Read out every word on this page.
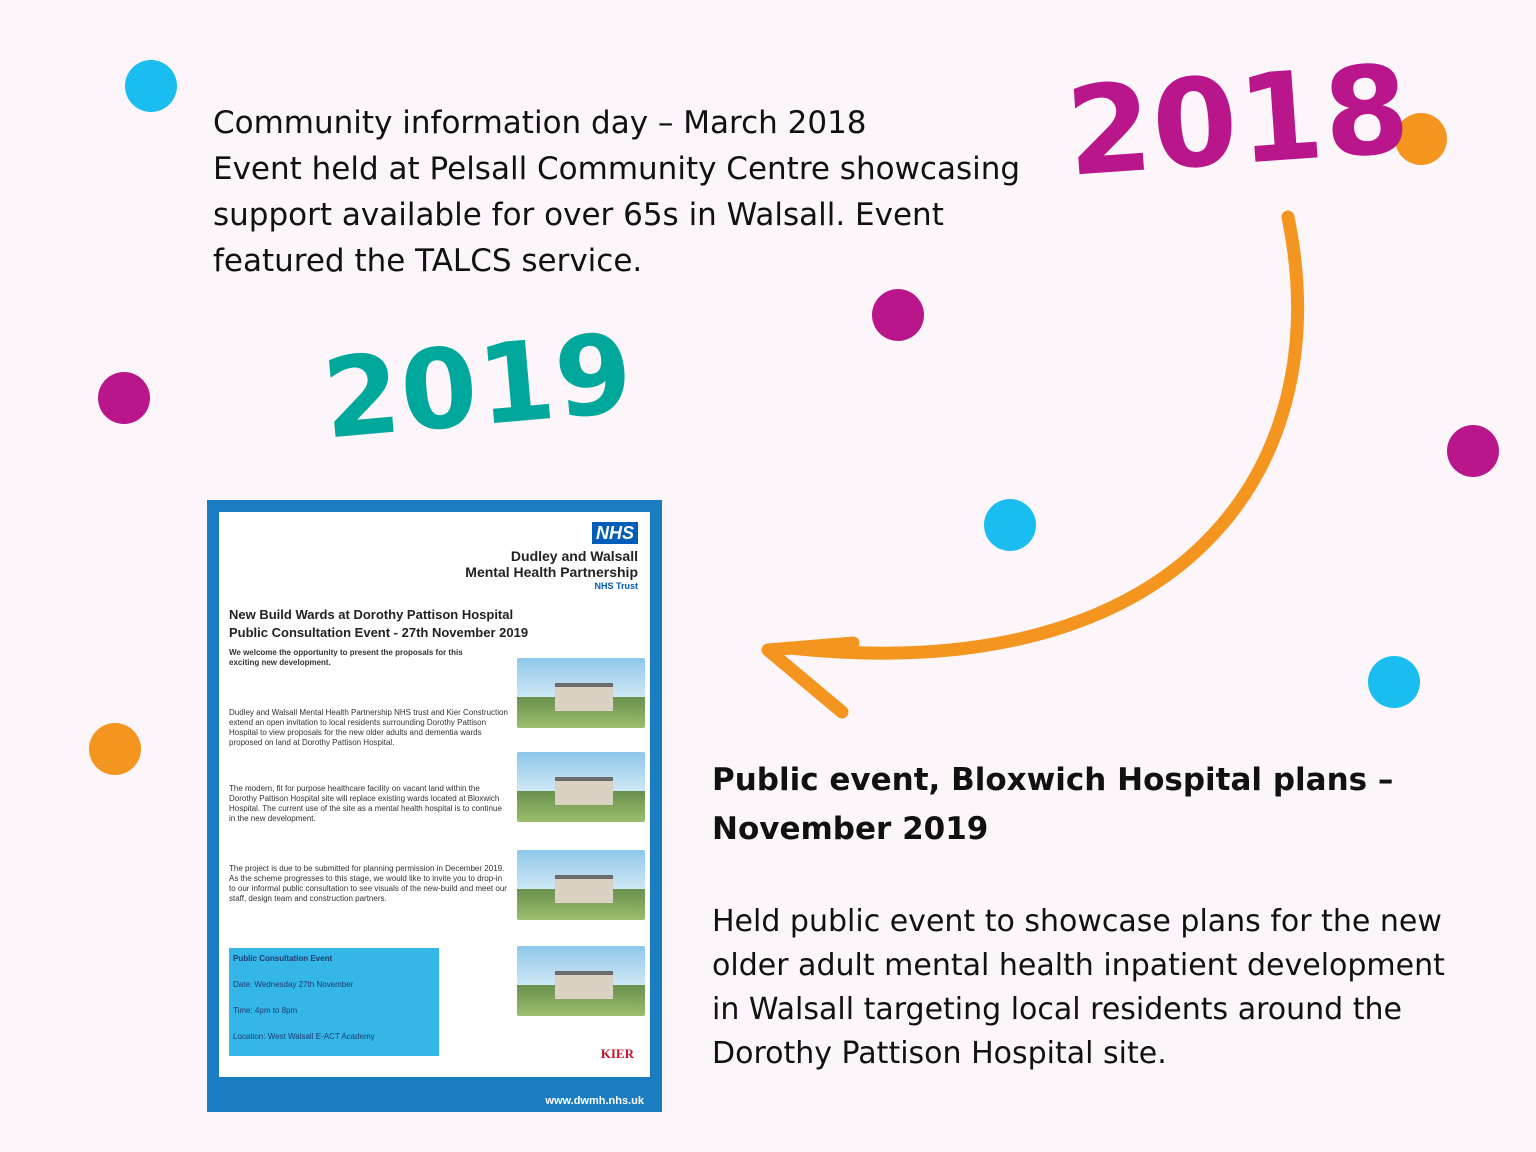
2018
2019
Community information day – March 2018
Event held at Pelsall Community Centre showcasing
support available for over 65s in Walsall. Event
featured the TALCS service.
NHS
Dudley and Walsall
Mental Health Partnership
NHS Trust
New Build Wards at Dorothy Pattison Hospital
Public Consultation Event - 27th November 2019
We welcome the opportunity to present the proposals for this exciting new development.
Dudley and Walsall Mental Health Partnership NHS trust and Kier Construction extend an open invitation to local residents surrounding Dorothy Pattison Hospital to view proposals for the new older adults and dementia wards proposed on land at Dorothy Pattison Hospital.
The modern, fit for purpose healthcare facility on vacant land within the Dorothy Pattison Hospital site will replace existing wards located at Bloxwich Hospital. The current use of the site as a mental health hospital is to continue in the new development.
The project is due to be submitted for planning permission in December 2019. As the scheme progresses to this stage, we would like to invite you to drop-in to our informal public consultation to see visuals of the new-build and meet our staff, design team and construction partners.
Public Consultation Event
Date: Wednesday 27th November
Time: 4pm to 8pm
Location: West Walsall E-ACT Academy
KIER
www.dwmh.nhs.uk
Public event, Bloxwich Hospital plans –
November 2019
Held public event to showcase plans for the new
older adult mental health inpatient development
in Walsall targeting local residents around the
Dorothy Pattison Hospital site.
